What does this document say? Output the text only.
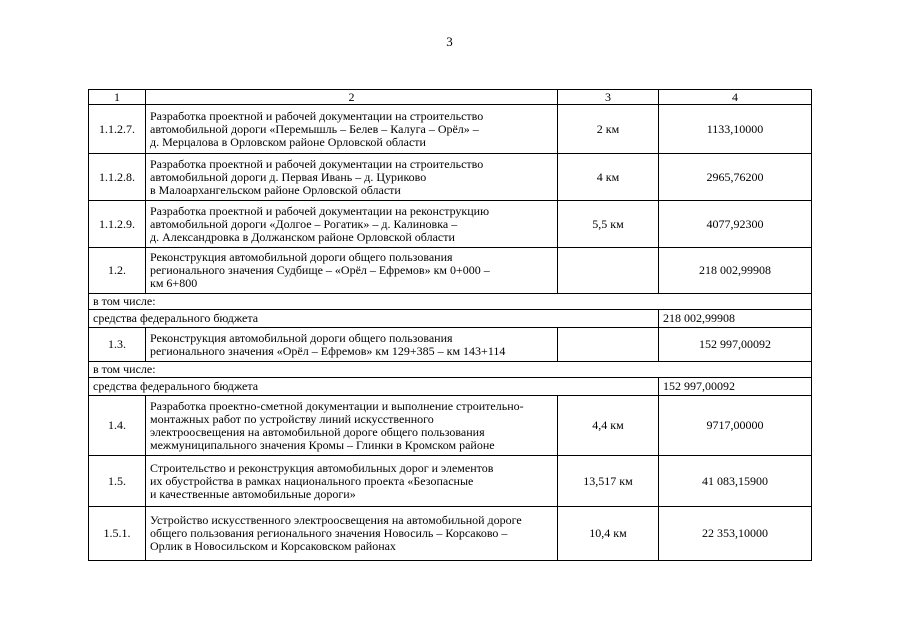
3
1	2	3	4
1.1.2.7.	Разработка проектной и рабочей документации на строительство
автомобильной дороги «Перемышль – Белев – Калуга – Орёл» –
д. Мерцалова в Орловском районе Орловской области	2 км	1133,10000
1.1.2.8.	Разработка проектной и рабочей документации на строительство
автомобильной дороги д. Первая Ивань – д. Цуриково
в Малоархангельском районе Орловской области	4 км	2965,76200
1.1.2.9.	Разработка проектной и рабочей документации на реконструкцию
автомобильной дороги «Долгое – Рогатик» – д. Калиновка –
д. Александровка в Должанском районе Орловской области	5,5 км	4077,92300
1.2.	Реконструкция автомобильной дороги общего пользования
регионального значения Судбище – «Орёл – Ефремов» км 0+000 –
км 6+800		218 002,99908
в том числе:			
средства федерального бюджета			218 002,99908
1.3.	Реконструкция автомобильной дороги общего пользования
регионального значения «Орёл – Ефремов» км 129+385 – км 143+114		152 997,00092
в том числе:			
средства федерального бюджета			152 997,00092
1.4.	Разработка проектно-сметной документации и выполнение строительно-
монтажных работ по устройству линий искусственного
электроосвещения на автомобильной дороге общего пользования
межмуниципального значения Кромы – Глинки в Кромском районе	4,4 км	9717,00000
1.5.	Строительство и реконструкция автомобильных дорог и элементов
их обустройства в рамках национального проекта «Безопасные
и качественные автомобильные дороги»	13,517 км	41 083,15900
1.5.1.	Устройство искусственного электроосвещения на автомобильной дороге
общего пользования регионального значения Новосиль – Корсаково –
Орлик в Новосильском и Корсаковском районах	10,4 км	22 353,10000
